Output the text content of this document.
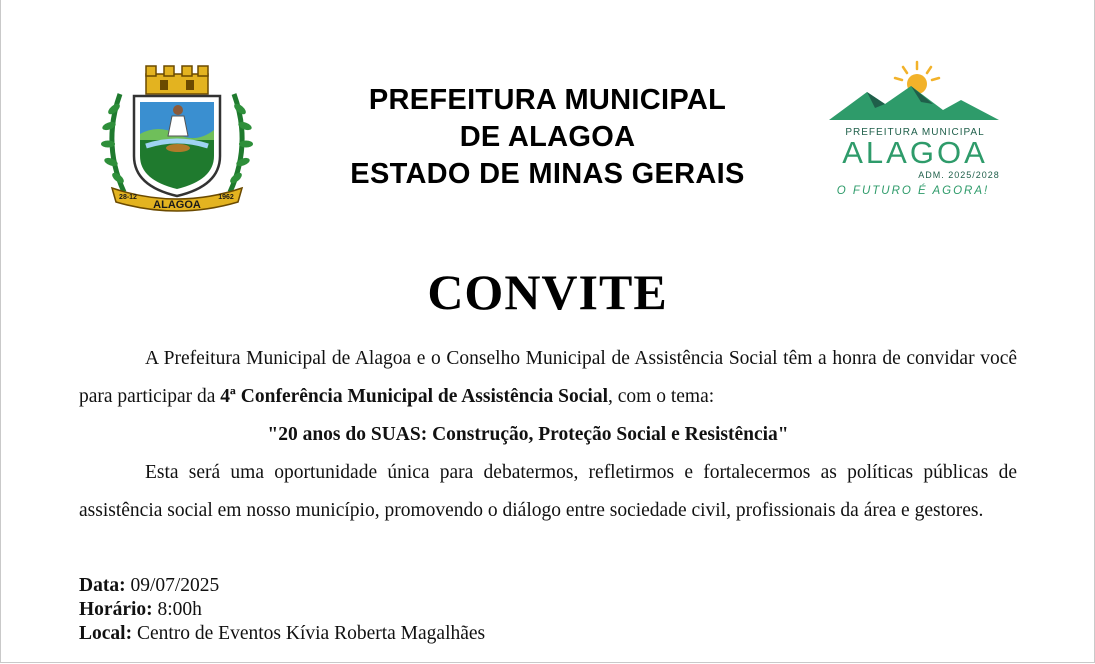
ALAGOA
28-12	1962
PREFEITURA MUNICIPAL
DE ALAGOA
ESTADO DE MINAS GERAIS
PREFEITURA MUNICIPAL
ALAGOA
ADM. 2025/2028
O FUTURO É AGORA!
CONVITE

A Prefeitura Municipal de Alagoa e o Conselho Municipal de Assistência Social têm a honra de convidar você para participar da 4ª Conferência Municipal de Assistência Social, com o tema:

"20 anos do SUAS: Construção, Proteção Social e Resistência"

Esta será uma oportunidade única para debatermos, refletirmos e fortalecermos as políticas públicas de assistência social em nosso município, promovendo o diálogo entre sociedade civil, profissionais da área e gestores.

Data: 09/07/2025
Horário: 8:00h
Local: Centro de Eventos Kívia Roberta Magalhães
